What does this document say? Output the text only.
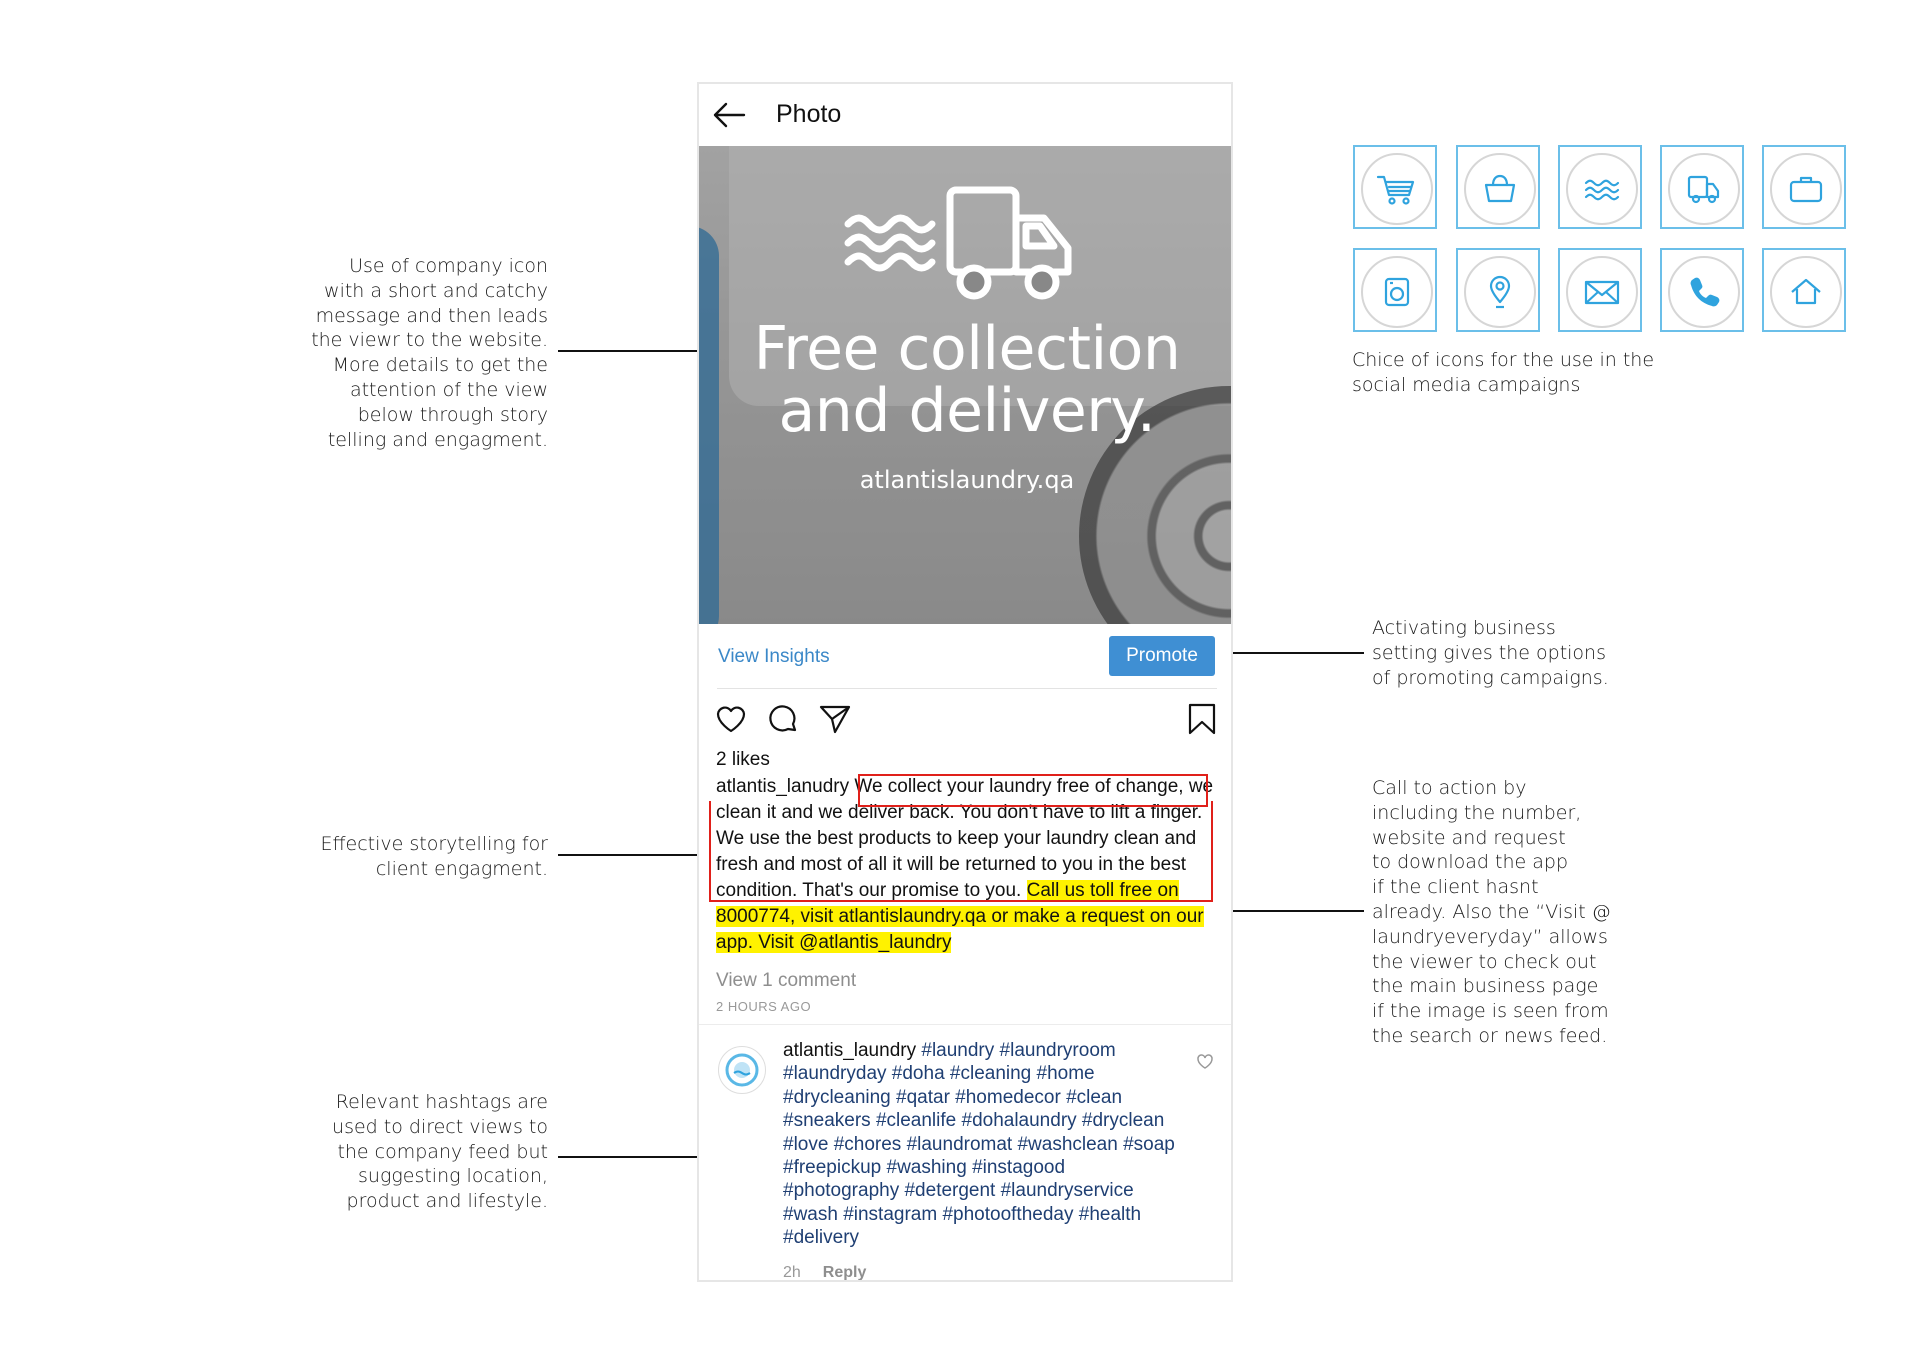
Use of company icon
with a short and catchy
message and then leads
the viewr to the website.
More details to get the
attention of the view
below through story
telling and engagment.
Effective storytelling for
client engagment.
Relevant hashtags are
used to direct views to
the company feed but
suggesting location,
product and lifestyle.
Activating business
setting gives the options
of promoting campaigns.
Call to action by
including the number,
website and request
to download the app
if the client hasnt
already. Also the “Visit @
laundryeveryday” allows
the viewer to check out
the main business page
if the image is seen from
the search or news feed.
Chice of icons for the use in the
social media campaigns
Photo
Free collection
and delivery.
atlantislaundry.qa
View Insights	Promote
2 likes
atlantis_lanudry We collect your laundry free of change, we clean it and we deliver back. You don't have to lift a finger. We use the best products to keep your laundry clean and fresh and most of all it will be returned to you in the best condition. That's our promise to you. Call us toll free on 8000774, visit atlantislaundry.qa or make a request on our app. Visit @atlantis_laundry
View 1 comment
2 HOURS AGO
atlantis_laundry #laundry #laundryroom #laundryday #doha #cleaning #home #drycleaning #qatar #homedecor #clean #sneakers #cleanlife #dohalaundry #dryclean #love #chores #laundromat #washclean #soap #freepickup #washing #instagood #photography #detergent #laundryservice #wash #instagram #photooftheday #health #delivery
2h Reply
